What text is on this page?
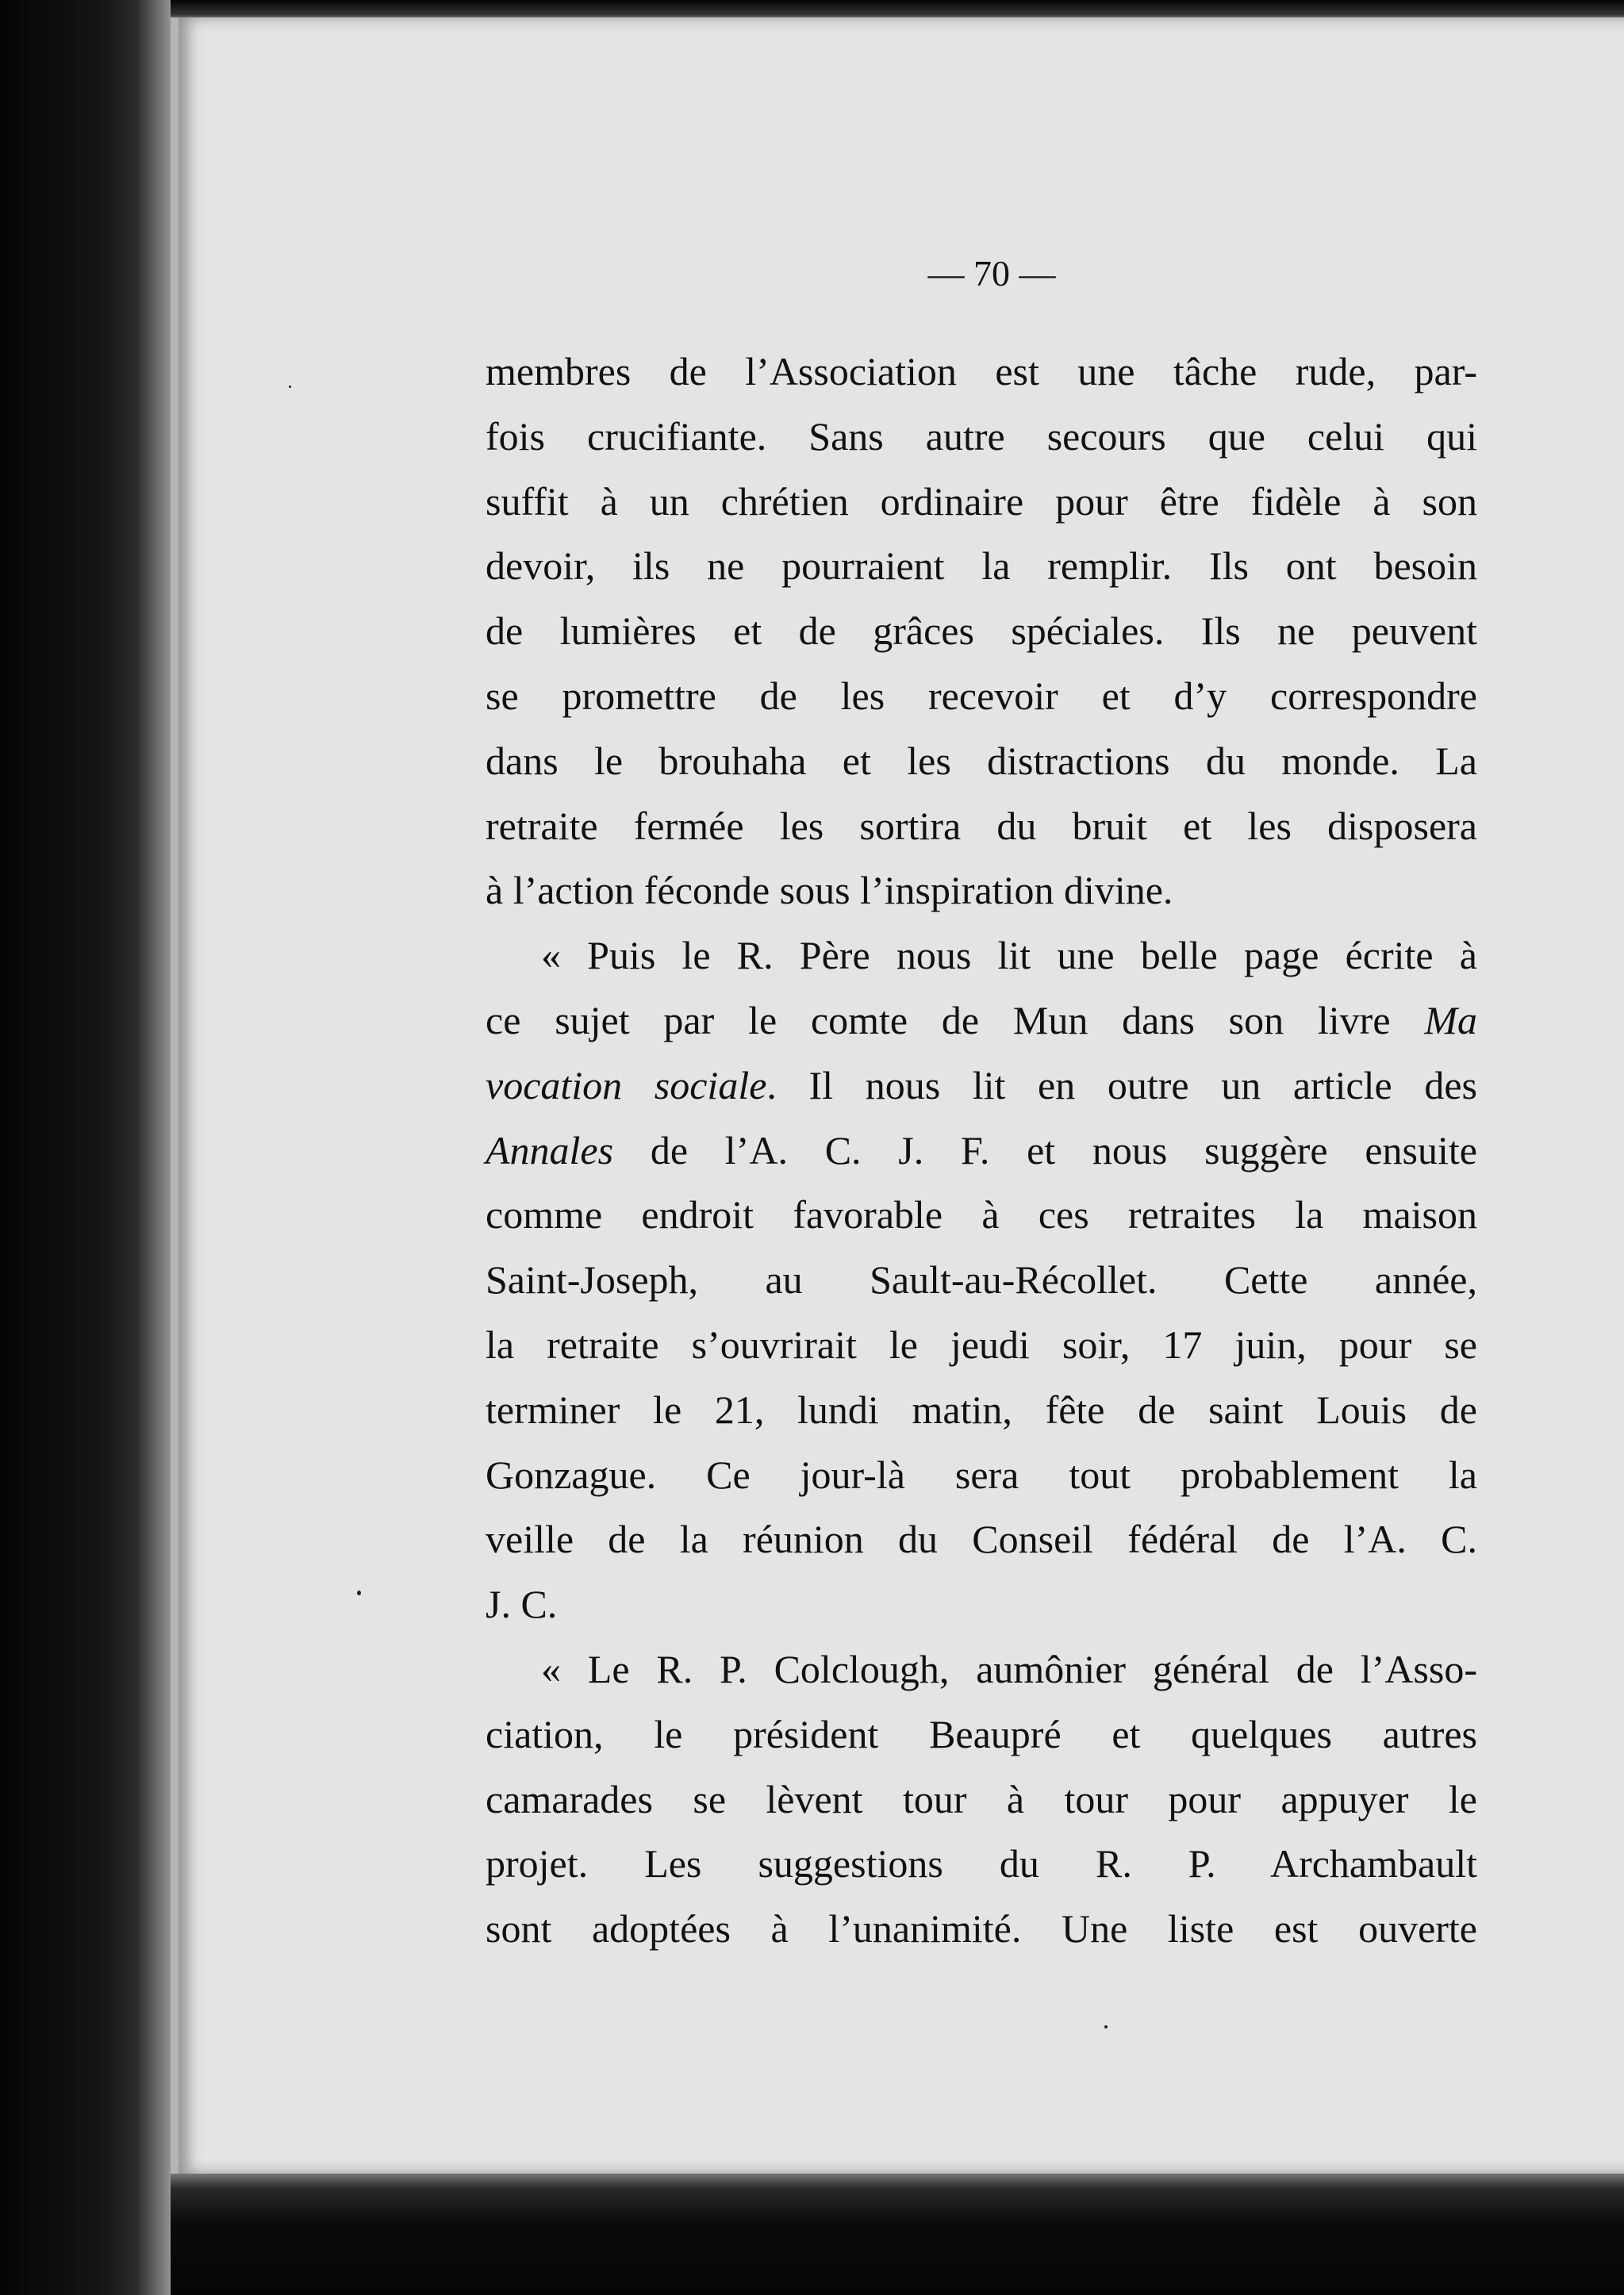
— 70 —
membres de l’Association est une tâche rude, par-
fois crucifiante. Sans autre secours que celui qui
suffit à un chrétien ordinaire pour être fidèle à son
devoir, ils ne pourraient la remplir. Ils ont besoin
de lumières et de grâces spéciales. Ils ne peuvent
se promettre de les recevoir et d’y correspondre
dans le brouhaha et les distractions du monde. La
retraite fermée les sortira du bruit et les disposera
à l’action féconde sous l’inspiration divine.
« Puis le R. Père nous lit une belle page écrite à
ce sujet par le comte de Mun dans son livre Ma
vocation sociale. Il nous lit en outre un article des
Annales de l’A. C. J. F. et nous suggère ensuite
comme endroit favorable à ces retraites la maison
Saint-Joseph, au Sault-au-Récollet. Cette année,
la retraite s’ouvrirait le jeudi soir, 17 juin, pour se
terminer le 21, lundi matin, fête de saint Louis de
Gonzague. Ce jour-là sera tout probablement la
veille de la réunion du Conseil fédéral de l’A. C.
J. C.
« Le R. P. Colclough, aumônier général de l’Asso-
ciation, le président Beaupré et quelques autres
camarades se lèvent tour à tour pour appuyer le
projet. Les suggestions du R. P. Archambault
sont adoptées à l’unanimité. Une liste est ouverte
